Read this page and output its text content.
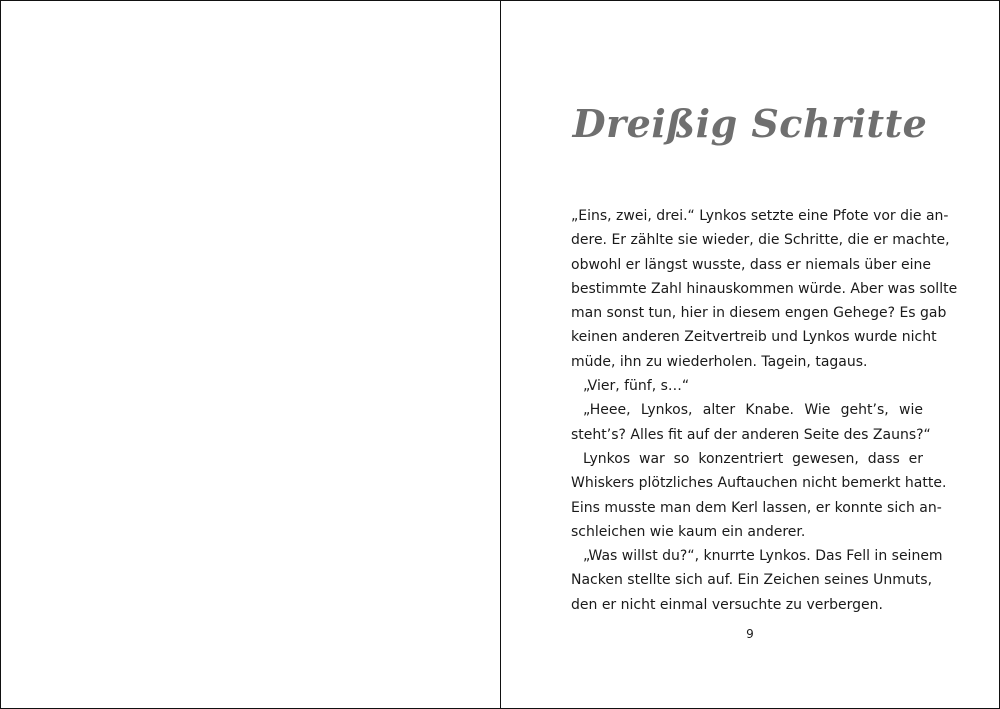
Dreißig Schritte
„Eins, zwei, drei.“ Lynkos setzte eine Pfote vor die an-
dere. Er zählte sie wieder, die Schritte, die er machte,
obwohl er längst wusste, dass er niemals über eine
bestimmte Zahl hinauskommen würde. Aber was sollte
man sonst tun, hier in diesem engen Gehege? Es gab
keinen anderen Zeitvertreib und Lynkos wurde nicht
müde, ihn zu wiederholen. Tagein, tagaus.
„Vier, fünf, s…“
„Heee, Lynkos, alter Knabe. Wie geht’s, wie
steht’s? Alles fit auf der anderen Seite des Zauns?“
Lynkos war so konzentriert gewesen, dass er
Whiskers plötzliches Auftauchen nicht bemerkt hatte.
Eins musste man dem Kerl lassen, er konnte sich an-
schleichen wie kaum ein anderer.
„Was willst du?“, knurrte Lynkos. Das Fell in seinem
Nacken stellte sich auf. Ein Zeichen seines Unmuts,
den er nicht einmal versuchte zu verbergen.
9
